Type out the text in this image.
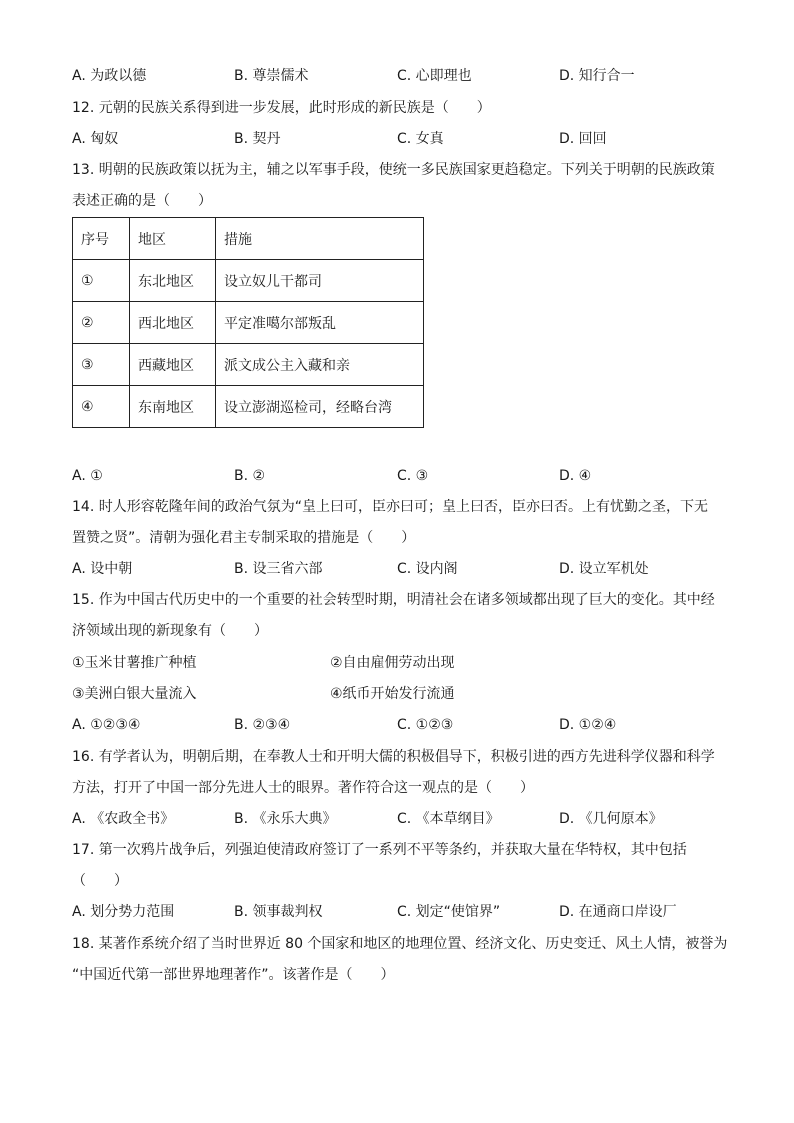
A. 为政以德	B. 尊崇儒术	C. 心即理也	D. 知行合一
12. 元朝的民族关系得到进一步发展，此时形成的新民族是（　　）
A. 匈奴	B. 契丹	C. 女真	D. 回回
13. 明朝的民族政策以抚为主，辅之以军事手段，使统一多民族国家更趋稳定。下列关于明朝的民族政策
表述正确的是（　　）
序号	地区	措施
①	东北地区	设立奴儿干都司
②	西北地区	平定准噶尔部叛乱
③	西藏地区	派文成公主入藏和亲
④	东南地区	设立澎湖巡检司，经略台湾
A. ①	B. ②	C. ③	D. ④
14. 时人形容乾隆年间的政治气氛为“皇上曰可，臣亦曰可；皇上曰否，臣亦曰否。上有忧勤之圣，下无
置赞之贤”。清朝为强化君主专制采取的措施是（　　）
A. 设中朝	B. 设三省六部	C. 设内阁	D. 设立军机处
15. 作为中国古代历史中的一个重要的社会转型时期，明清社会在诸多领域都出现了巨大的变化。其中经
济领域出现的新现象有（　　）
①玉米甘薯推广种植	②自由雇佣劳动出现
③美洲白银大量流入	④纸币开始发行流通
A. ①②③④	B. ②③④	C. ①②③	D. ①②④
16. 有学者认为，明朝后期，在奉教人士和开明大儒的积极倡导下，积极引进的西方先进科学仪器和科学
方法，打开了中国一部分先进人士的眼界。著作符合这一观点的是（　　）
A. 《农政全书》	B. 《永乐大典》	C. 《本草纲目》	D. 《几何原本》
17. 第一次鸦片战争后，列强迫使清政府签订了一系列不平等条约，并获取大量在华特权，其中包括
（　　）
A. 划分势力范围	B. 领事裁判权	C. 划定“使馆界”	D. 在通商口岸设厂
18. 某著作系统介绍了当时世界近 80 个国家和地区的地理位置、经济文化、历史变迁、风土人情，被誉为
“中国近代第一部世界地理著作”。该著作是（　　）
